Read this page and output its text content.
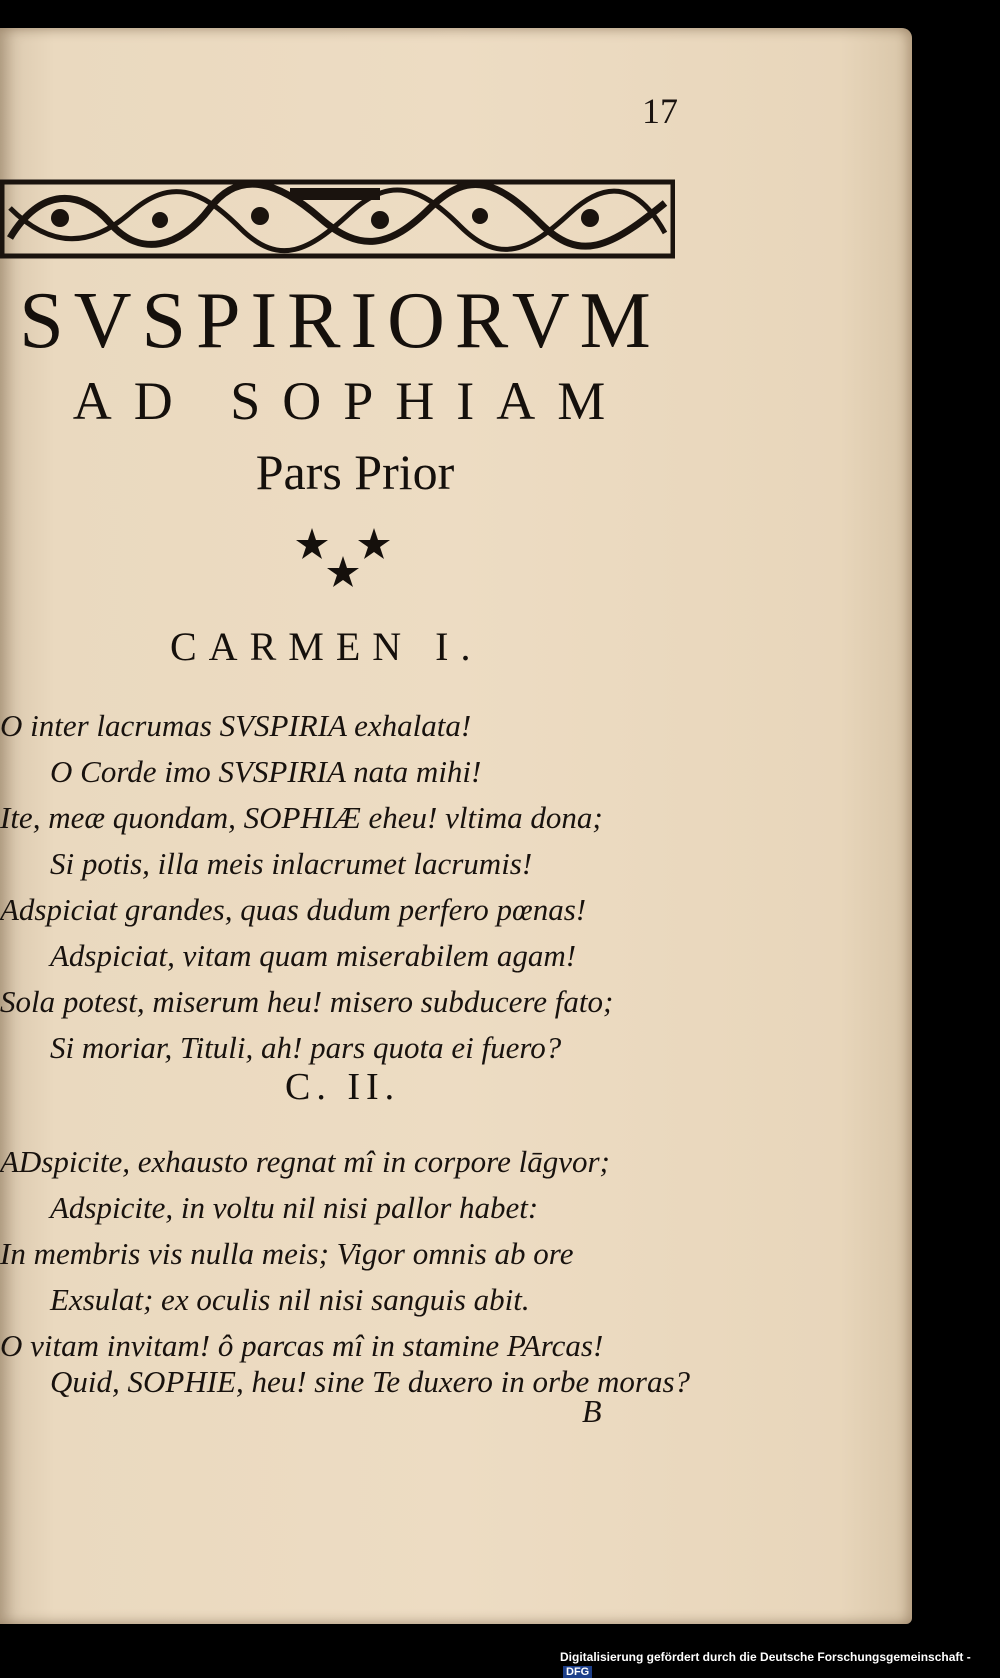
17
SVSPIRIORVM
AD SOPHIAM
Pars Prior
CARMEN I.
O inter lacrumas SVSPIRIA exhalata!
O Corde imo SVSPIRIA nata mihi!
Ite, meæ quondam, SOPHIÆ eheu! vltima dona;
Si potis, illa meis inlacrumet lacrumis!
Adspiciat grandes, quas dudum perfero pœnas!
Adspiciat, vitam quam miserabilem agam!
Sola potest, miserum heu! misero subducere fato;
Si moriar, Tituli, ah! pars quota ei fuero?
C. II.
ADspicite, exhausto regnat mî in corpore lāgvor;
Adspicite, in voltu nil nisi pallor habet:
In membris vis nulla meis; Vigor omnis ab ore
Exsulat; ex oculis nil nisi sanguis abit.
O vitam invitam! ô parcas mî in stamine PArcas!
Quid, SOPHIE, heu! sine Te duxero in orbe moras?
B
Digitalisierung gefördert durch die Deutsche Forschungsgemeinschaft -DFG
